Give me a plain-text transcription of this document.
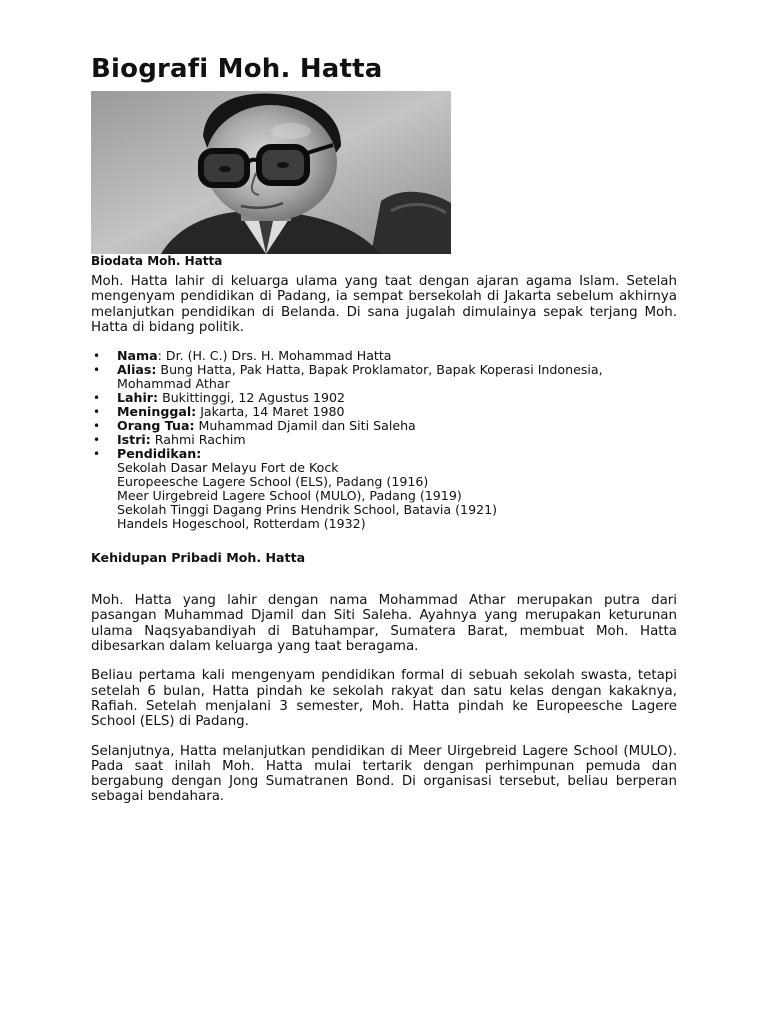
Biografi Moh. Hatta

Biodata Moh. Hatta

Moh. Hatta lahir di keluarga ulama yang taat dengan ajaran agama Islam. Setelah mengenyam pendidikan di Padang, ia sempat bersekolah di Jakarta sebelum akhirnya melanjutkan pendidikan di Belanda. Di sana jugalah dimulainya sepak terjang Moh. Hatta di bidang politik.

• Nama: Dr. (H. C.) Drs. H. Mohammad Hatta
• Alias: Bung Hatta, Pak Hatta, Bapak Proklamator, Bapak Koperasi Indonesia, Mohammad Athar
• Lahir: Bukittinggi, 12 Agustus 1902
• Meninggal: Jakarta, 14 Maret 1980
• Orang Tua: Muhammad Djamil dan Siti Saleha
• Istri: Rahmi Rachim
• Pendidikan:
Sekolah Dasar Melayu Fort de Kock
Europeesche Lagere School (ELS), Padang (1916)
Meer Uirgebreid Lagere School (MULO), Padang (1919)
Sekolah Tinggi Dagang Prins Hendrik School, Batavia (1921)
Handels Hogeschool, Rotterdam (1932)
Kehidupan Pribadi Moh. Hatta

Moh. Hatta yang lahir dengan nama Mohammad Athar merupakan putra dari pasangan Muhammad Djamil dan Siti Saleha. Ayahnya yang merupakan keturunan ulama Naqsyabandiyah di Batuhampar, Sumatera Barat, membuat Moh. Hatta dibesarkan dalam keluarga yang taat beragama.

Beliau pertama kali mengenyam pendidikan formal di sebuah sekolah swasta, tetapi setelah 6 bulan, Hatta pindah ke sekolah rakyat dan satu kelas dengan kakaknya, Rafiah. Setelah menjalani 3 semester, Moh. Hatta pindah ke Europeesche Lagere School (ELS) di Padang.

Selanjutnya, Hatta melanjutkan pendidikan di Meer Uirgebreid Lagere School (MULO). Pada saat inilah Moh. Hatta mulai tertarik dengan perhimpunan pemuda dan bergabung dengan Jong Sumatranen Bond. Di organisasi tersebut, beliau berperan sebagai bendahara.
